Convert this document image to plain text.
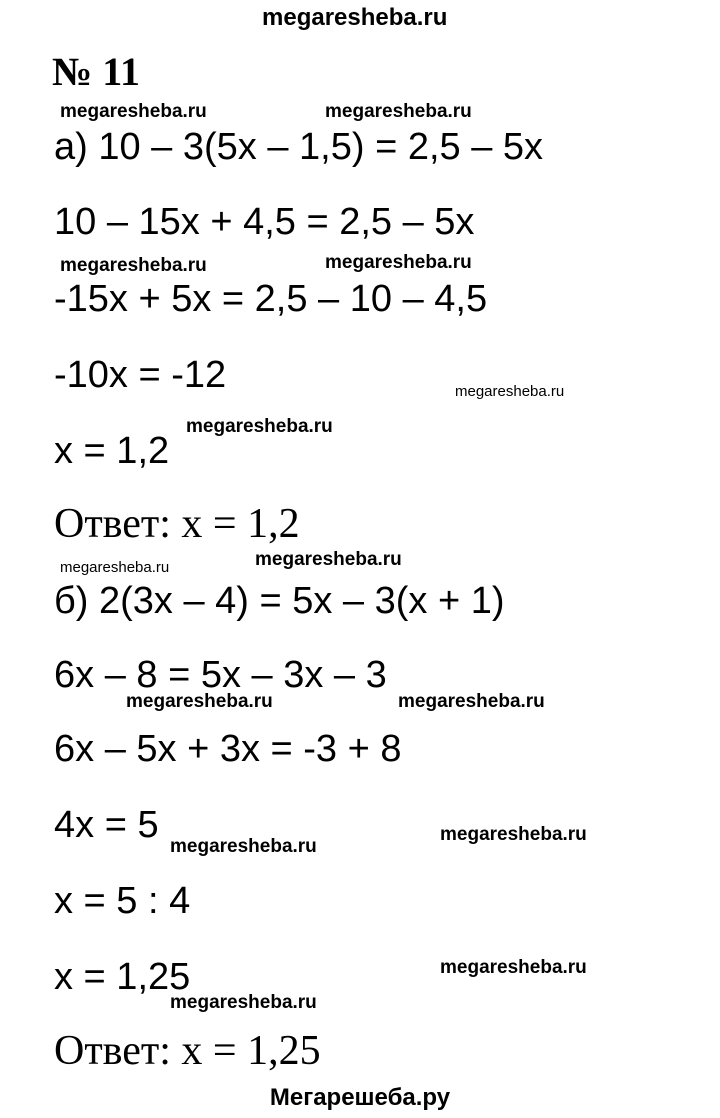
megaresheba.ru
№ 11
а) 10 – 3(5x – 1,5) = 2,5 – 5x
10 – 15x + 4,5 = 2,5 – 5x
-15x + 5x = 2,5 – 10 – 4,5
-10x = -12
x = 1,2
Ответ: x = 1,2
б) 2(3x – 4) = 5x – 3(x + 1)
6x – 8 = 5x – 3x – 3
6x – 5x + 3x = -3 + 8
4x = 5
x = 5 : 4
x = 1,25
Ответ: x = 1,25
megaresheba.ru	megaresheba.ru
megaresheba.ru	megaresheba.ru
megaresheba.ru
megaresheba.ru
megaresheba.ru	megaresheba.ru
megaresheba.ru	megaresheba.ru
megaresheba.ru
megaresheba.ru
megaresheba.ru
megaresheba.ru
Мегарешеба.ру
